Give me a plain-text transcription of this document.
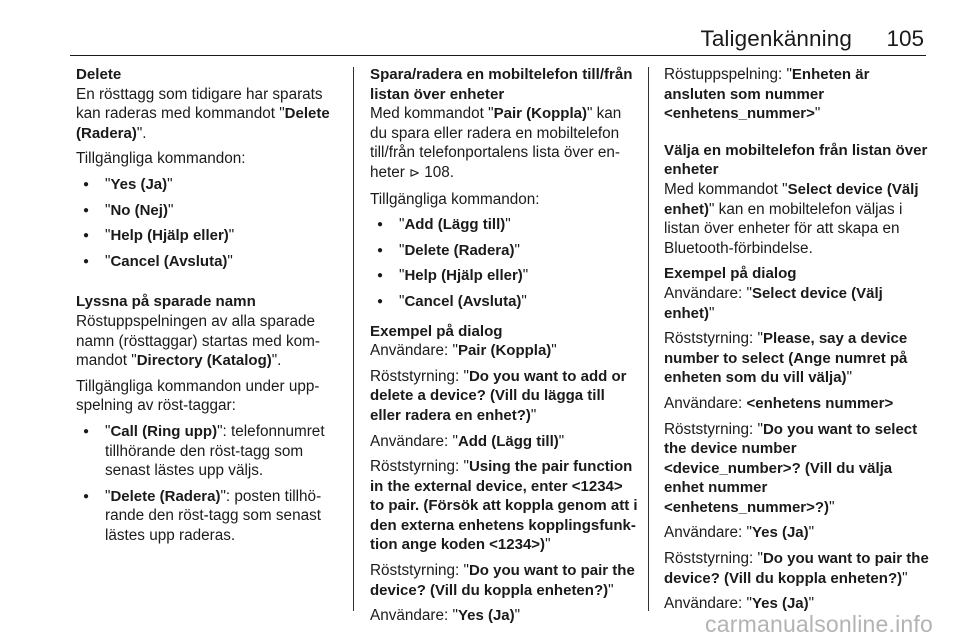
Taligenkänning 105
Delete
En rösttagg som tidigare har sparats kan raderas med kommandot "Delete (Radera)".
Tillgängliga kommandon:
● "Yes (Ja)"
● "No (Nej)"
● "Help (Hjälp eller)"
● "Cancel (Avsluta)"
Lyssna på sparade namn
Röstuppspelningen av alla sparade namn (rösttaggar) startas med kommandot "Directory (Katalog)".
Tillgängliga kommandon under uppspelning av röst-taggar:
● "Call (Ring upp)": telefonnumret tillhörande den röst-tagg som senast lästes upp väljs.
● "Delete (Radera)": posten tillhörande den röst-tagg som senast lästes upp raderas.
Spara/radera en mobiltelefon till/från listan över enheter
Med kommandot "Pair (Koppla)" kan du spara eller radera en mobiltelefon till/från telefonportalens lista över enheter ⊳ 108.
Tillgängliga kommandon:
● "Add (Lägg till)"
● "Delete (Radera)"
● "Help (Hjälp eller)"
● "Cancel (Avsluta)"
Exempel på dialog
Användare: "Pair (Koppla)"
Röststyrning: "Do you want to add or delete a device? (Vill du lägga till eller radera en enhet?)"
Användare: "Add (Lägg till)"
Röststyrning: "Using the pair function in the external device, enter <1234> to pair. (Försök att koppla genom att i den externa enhetens kopplingsfunktion ange koden <1234>)"
Röststyrning: "Do you want to pair the device? (Vill du koppla enheten?)"
Användare: "Yes (Ja)"
Röstuppspelning: "Enheten är ansluten som nummer <enhetens_nummer>"
Välja en mobiltelefon från listan över enheter
Med kommandot "Select device (Välj enhet)" kan en mobiltelefon väljas i listan över enheter för att skapa en Bluetooth-förbindelse.
Exempel på dialog
Användare: "Select device (Välj enhet)"
Röststyrning: "Please, say a device number to select (Ange numret på enheten som du vill välja)"
Användare: <enhetens nummer>
Röststyrning: "Do you want to select the device number <device_number>? (Vill du välja enhet nummer <enhetens_nummer>?)"
Användare: "Yes (Ja)"
Röststyrning: "Do you want to pair the device? (Vill du koppla enheten?)"
Användare: "Yes (Ja)"
carmanualsonline.info
